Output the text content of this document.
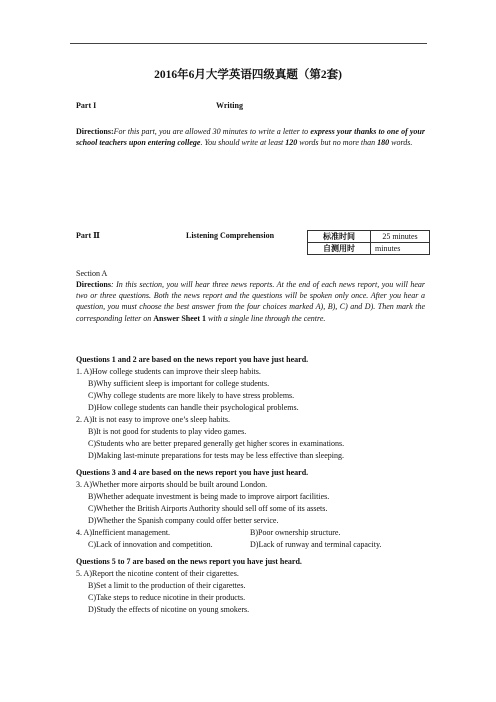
2016年6月大学英语四级真题（第2套)
Part I	Writing
Directions:For this part, you are allowed 30 minutes to write a letter to express your thanks to one of your school teachers upon entering college. You should write at least 120 words but no more than 180 words.
Part Ⅱ	Listening Comprehension	标准时间	25 minutes
自测用时	minutes
Section A
Directions: In this section, you will hear three news reports. At the end of each news report, you will hear two or three questions. Both the news report and the questions will be spoken only once. After you hear a question, you must choose the best answer from the four choices marked A), B), C) and D). Then mark the corresponding letter on Answer Sheet 1 with a single line through the centre.
Questions 1 and 2 are based on the news report you have just heard.
1. A)How college students can improve their sleep habits.
B)Why sufficient sleep is important for college students.
C)Why college students are more likely to have stress problems.
D)How college students can handle their psychological problems.
2. A)It is not easy to improve one’s sleep habits.
B)It is not good for students to play video games.
C)Students who are better prepared generally get higher scores in examinations.
D)Making last-minute preparations for tests may be less effective than sleeping.
Questions 3 and 4 are based on the news report you have just heard.
3. A)Whether more airports should be built around London.
B)Whether adequate investment is being made to improve airport facilities.
C)Whether the British Airports Authority should sell off some of its assets.
D)Whether the Spanish company could offer better service.
4. A)Inefficient management.	B)Poor ownership structure.
C)Lack of innovation and competition.	D)Lack of runway and terminal capacity.
Questions 5 to 7 are based on the news report you have just heard.
5. A)Report the nicotine content of their cigarettes.
B)Set a limit to the production of their cigarettes.
C)Take steps to reduce nicotine in their products.
D)Study the effects of nicotine on young smokers.
